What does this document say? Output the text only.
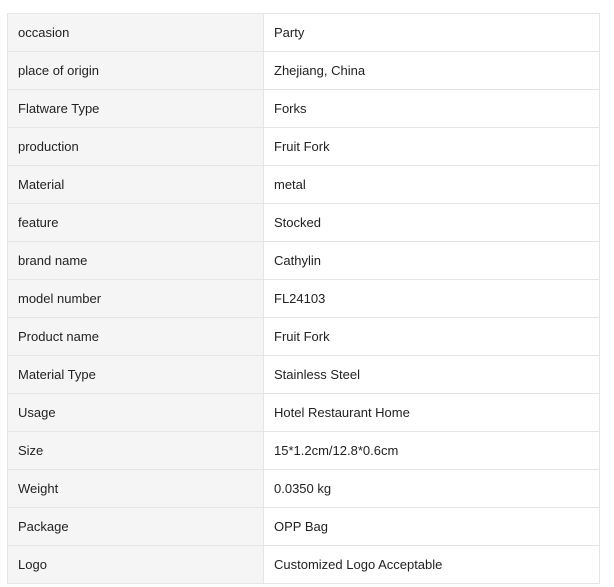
occasion	Party
place of origin	Zhejiang, China
Flatware Type	Forks
production	Fruit Fork
Material	metal
feature	Stocked
brand name	Cathylin
model number	FL24103
Product name	Fruit Fork
Material Type	Stainless Steel
Usage	Hotel Restaurant Home
Size	15*1.2cm/12.8*0.6cm
Weight	0.0350 kg
Package	OPP Bag
Logo	Customized Logo Acceptable
